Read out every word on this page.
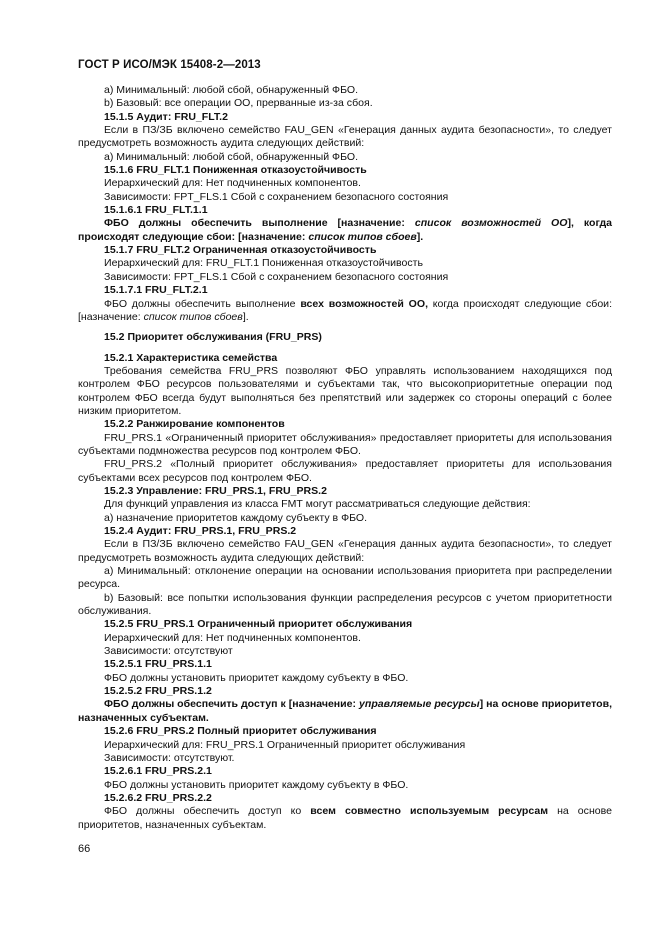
ГОСТ Р ИСО/МЭК 15408-2—2013

a) Минимальный: любой сбой, обнаруженный ФБО.

b) Базовый: все операции ОО, прерванные из-за сбоя.

15.1.5 Аудит: FRU_FLT.2

Если в ПЗ/ЗБ включено семейство FAU_GEN «Генерация данных аудита безопасности», то следует предусмотреть возможность аудита следующих действий:

a) Минимальный: любой сбой, обнаруженный ФБО.

15.1.6 FRU_FLT.1 Пониженная отказоустойчивость

Иерархический для: Нет подчиненных компонентов.

Зависимости: FPT_FLS.1 Сбой с сохранением безопасного состояния

15.1.6.1 FRU_FLT.1.1

ФБО должны обеспечить выполнение [назначение: список возможностей ОО], когда происходят следующие сбои: [назначение: список типов сбоев].

15.1.7 FRU_FLT.2 Ограниченная отказоустойчивость

Иерархический для: FRU_FLT.1 Пониженная отказоустойчивость

Зависимости: FPT_FLS.1 Сбой с сохранением безопасного состояния

15.1.7.1 FRU_FLT.2.1

ФБО должны обеспечить выполнение всех возможностей ОО, когда происходят следующие сбои: [назначение: список типов сбоев].

15.2 Приоритет обслуживания (FRU_PRS)

15.2.1 Характеристика семейства

Требования семейства FRU_PRS позволяют ФБО управлять использованием находящихся под контролем ФБО ресурсов пользователями и субъектами так, что высокоприоритетные операции под контролем ФБО всегда будут выполняться без препятствий или задержек со стороны операций с более низким приоритетом.

15.2.2 Ранжирование компонентов

FRU_PRS.1 «Ограниченный приоритет обслуживания» предоставляет приоритеты для использования субъектами подмножества ресурсов под контролем ФБО.

FRU_PRS.2 «Полный приоритет обслуживания» предоставляет приоритеты для использования субъектами всех ресурсов под контролем ФБО.

15.2.3 Управление: FRU_PRS.1, FRU_PRS.2

Для функций управления из класса FMT могут рассматриваться следующие действия:

a) назначение приоритетов каждому субъекту в ФБО.

15.2.4 Аудит: FRU_PRS.1, FRU_PRS.2

Если в ПЗ/ЗБ включено семейство FAU_GEN «Генерация данных аудита безопасности», то следует предусмотреть возможность аудита следующих действий:

a) Минимальный: отклонение операции на основании использования приоритета при распределении ресурса.

b) Базовый: все попытки использования функции распределения ресурсов с учетом приоритетности обслуживания.

15.2.5 FRU_PRS.1 Ограниченный приоритет обслуживания

Иерархический для: Нет подчиненных компонентов.

Зависимости: отсутствуют

15.2.5.1 FRU_PRS.1.1

ФБО должны установить приоритет каждому субъекту в ФБО.

15.2.5.2 FRU_PRS.1.2

ФБО должны обеспечить доступ к [назначение: управляемые ресурсы] на основе приоритетов, назначенных субъектам.

15.2.6 FRU_PRS.2 Полный приоритет обслуживания

Иерархический для: FRU_PRS.1 Ограниченный приоритет обслуживания

Зависимости: отсутствуют.

15.2.6.1 FRU_PRS.2.1

ФБО должны установить приоритет каждому субъекту в ФБО.

15.2.6.2 FRU_PRS.2.2

ФБО должны обеспечить доступ ко всем совместно используемым ресурсам на основе приоритетов, назначенных субъектам.

66
